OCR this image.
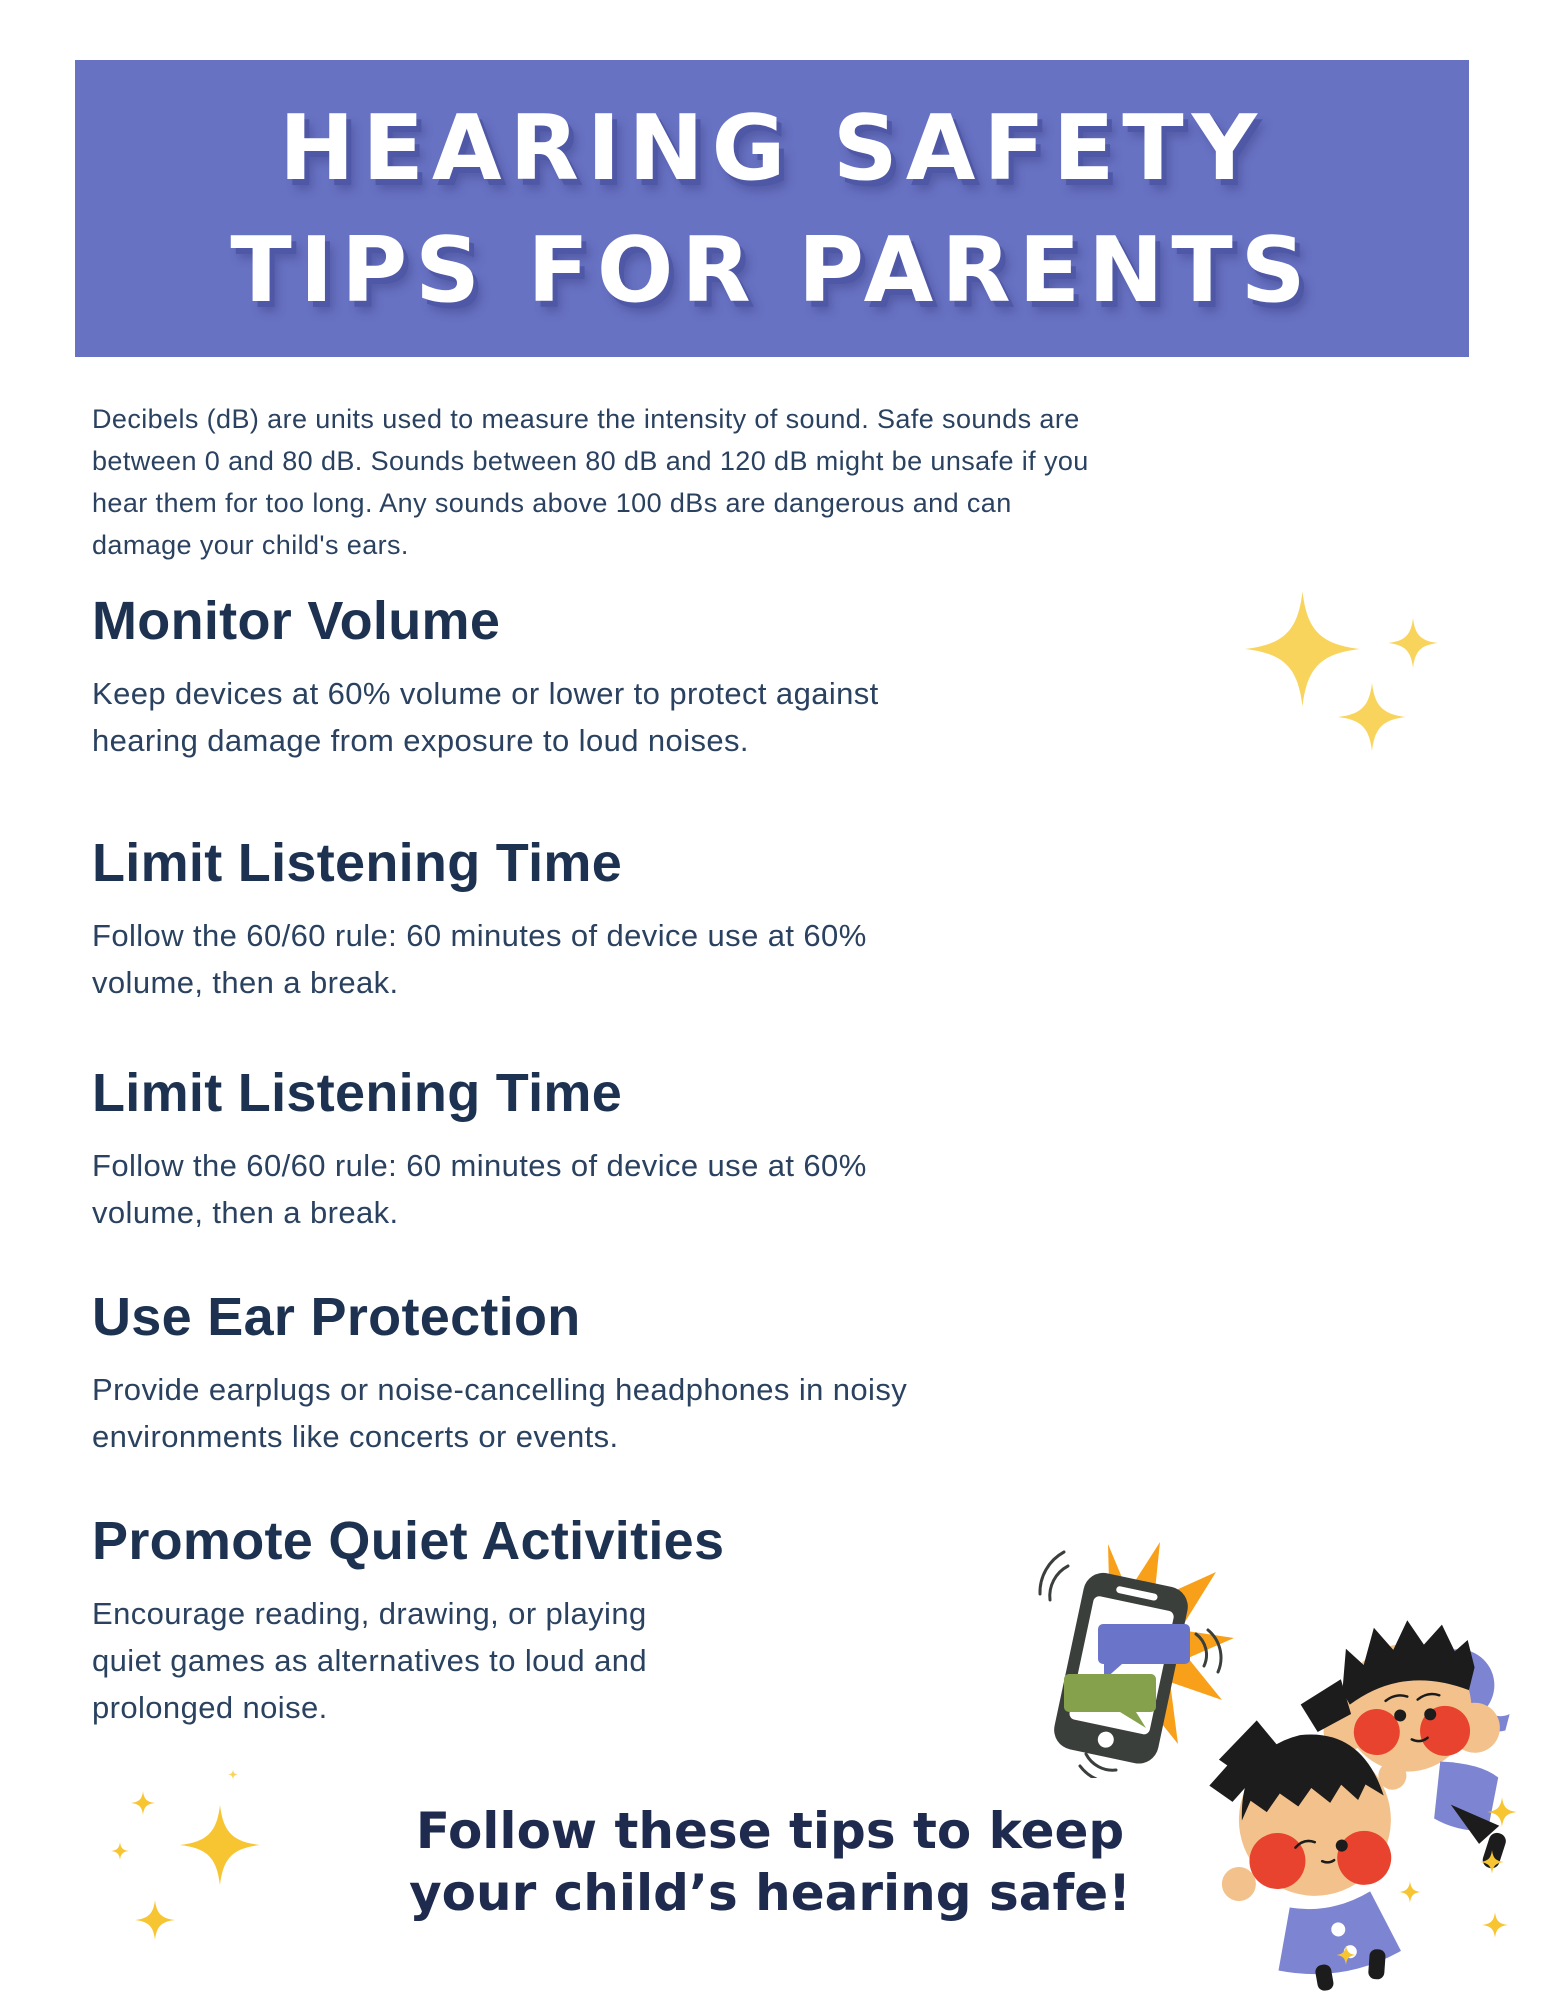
HEARING SAFETY
TIPS FOR PARENTS
Decibels (dB) are units used to measure the intensity of sound. Safe sounds are
between 0 and 80 dB. Sounds between 80 dB and 120 dB might be unsafe if you
hear them for too long. Any sounds above 100 dBs are dangerous and can
damage your child's ears.
Monitor Volume
Keep devices at 60% volume or lower to protect against
hearing damage from exposure to loud noises.
Limit Listening Time
Follow the 60/60 rule: 60 minutes of device use at 60%
volume, then a break.
Limit Listening Time
Follow the 60/60 rule: 60 minutes of device use at 60%
volume, then a break.
Use Ear Protection
Provide earplugs or noise-cancelling headphones in noisy
environments like concerts or events.
Promote Quiet Activities
Encourage reading, drawing, or playing
quiet games as alternatives to loud and
prolonged noise.
Follow these tips to keep
your child’s hearing safe!
